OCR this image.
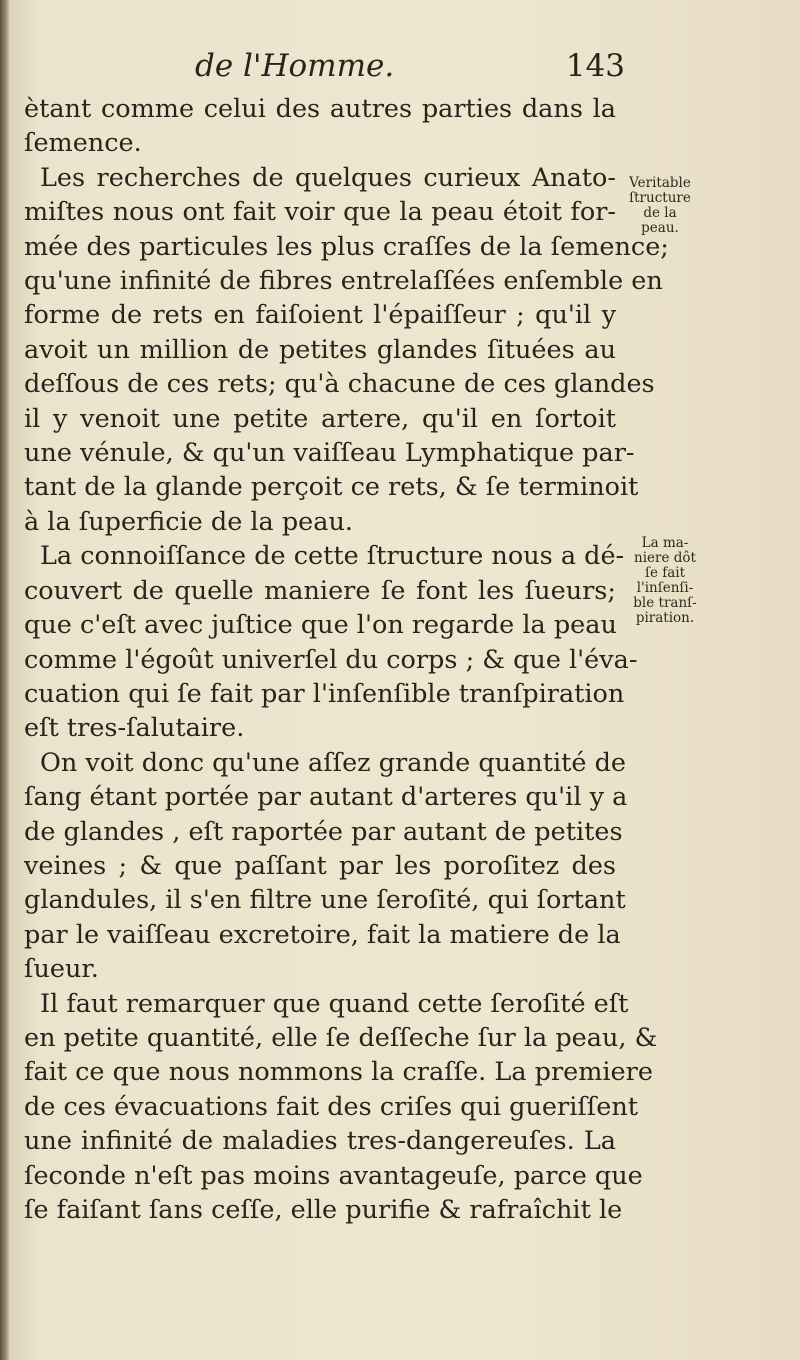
de l'Homme.	143
ètant comme celui des autres parties dans la
ſemence.
Les recherches de quelques curieux Anato-
miſtes nous ont fait voir que la peau étoit for-
mée des particules les plus craſſes de la ſemence;
qu'une infinité de fibres entrelaſſées enſemble en
forme de rets en faiſoient l'épaiſſeur ; qu'il y
avoit un million de petites glandes ſituées au
deſſous de ces rets; qu'à chacune de ces glandes
il y venoit une petite artere, qu'il en ſortoit
une vénule, & qu'un vaiſſeau Lymphatique par-
tant de la glande perçoit ce rets, & ſe terminoit
à la ſuperficie de la peau.
La connoiſſance de cette ſtructure nous a dé-
couvert de quelle maniere ſe font les ſueurs;
que c'eſt avec juſtice que l'on regarde la peau
comme l'égoût univerſel du corps ; & que l'éva-
cuation qui ſe fait par l'inſenſible tranſpiration
eſt tres-ſalutaire.
On voit donc qu'une aſſez grande quantité de
ſang étant portée par autant d'arteres qu'il y a
de glandes , eſt raportée par autant de petites
veines ; & que paſſant par les poroſitez des
glandules, il s'en filtre une ſeroſité, qui ſortant
par le vaiſſeau excretoire, fait la matiere de la
ſueur.
Il faut remarquer que quand cette ſeroſité eſt
en petite quantité, elle ſe deſſeche ſur la peau, &
fait ce que nous nommons la craſſe. La premiere
de ces évacuations fait des criſes qui gueriſſent
une infinité de maladies tres-dangereuſes. La
ſeconde n'eſt pas moins avantageuſe, parce que
ſe faiſant ſans ceſſe, elle purifie & rafraîchit le
Veritable
ſtructure
de la
peau.
La ma-
niere dôt
ſe fait
l'inſenſi-
ble tranſ-
piration.
